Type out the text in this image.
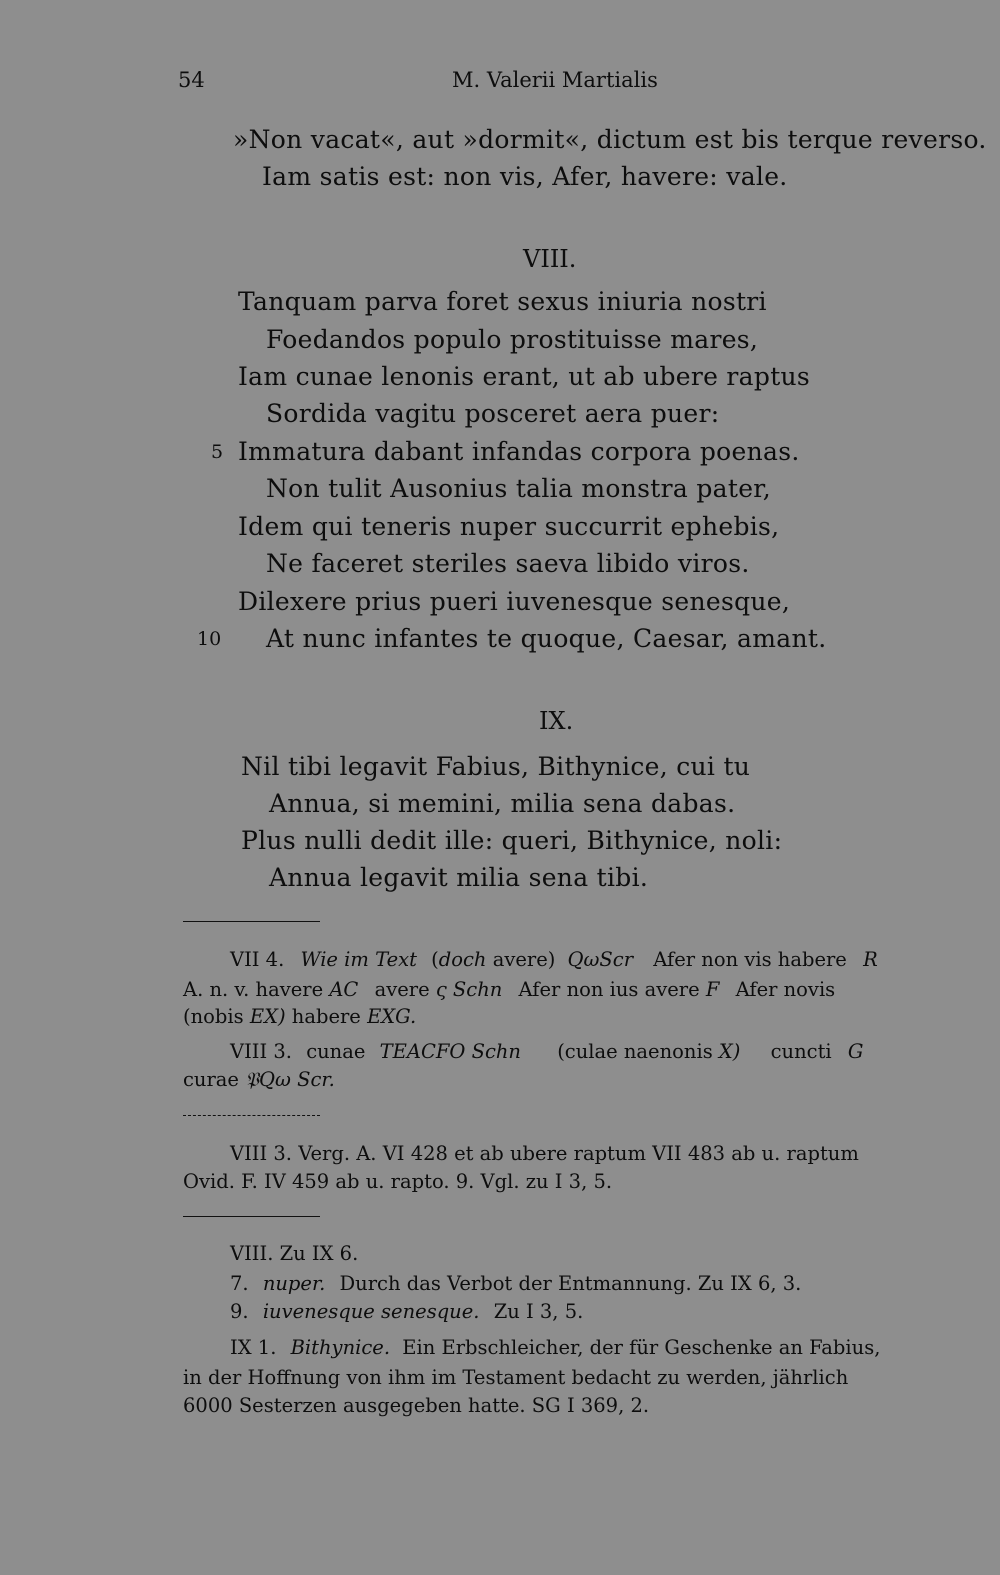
54	M. Valerii Martialis
»Non vacat«, aut »dormit«, dictum est bis terque reverso.
Iam satis est: non vis, Afer, havere: vale.
VIII.
Tanquam parva foret sexus iniuria nostri
Foedandos populo prostituisse mares,
Iam cunae lenonis erant, ut ab ubere raptus
Sordida vagitu posceret aera puer:
5 Immatura dabant infandas corpora poenas.
Non tulit Ausonius talia monstra pater,
Idem qui teneris nuper succurrit ephebis,
Ne faceret steriles saeva libido viros.
Dilexere prius pueri iuvenesque senesque,
10 At nunc infantes te quoque, Caesar, amant.
IX.
Nil tibi legavit Fabius, Bithynice, cui tu
Annua, si memini, milia sena dabas.
Plus nulli dedit ille: queri, Bithynice, noli:
Annua legavit milia sena tibi.
VII 4. Wie im Text (doch avere) QωScr Afer non vis habere R
A. n. v. havere AC avere ς Schn Afer non ius avere F Afer novis
(nobis EX) habere EXG.
VIII 3. cunae TEACFO Schn (culae naenonis X) cuncti G
curae 𝔓Qω Scr.
VIII 3. Verg. A. VI 428 et ab ubere raptum VII 483 ab u. raptum
Ovid. F. IV 459 ab u. rapto. 9. Vgl. zu I 3, 5.
VIII. Zu IX 6.
7. nuper. Durch das Verbot der Entmannung. Zu IX 6, 3.
9. iuvenesque senesque. Zu I 3, 5.
IX 1. Bithynice. Ein Erbschleicher, der für Geschenke an Fabius,
in der Hoffnung von ihm im Testament bedacht zu werden, jährlich
6000 Sesterzen ausgegeben hatte. SG I 369, 2.
